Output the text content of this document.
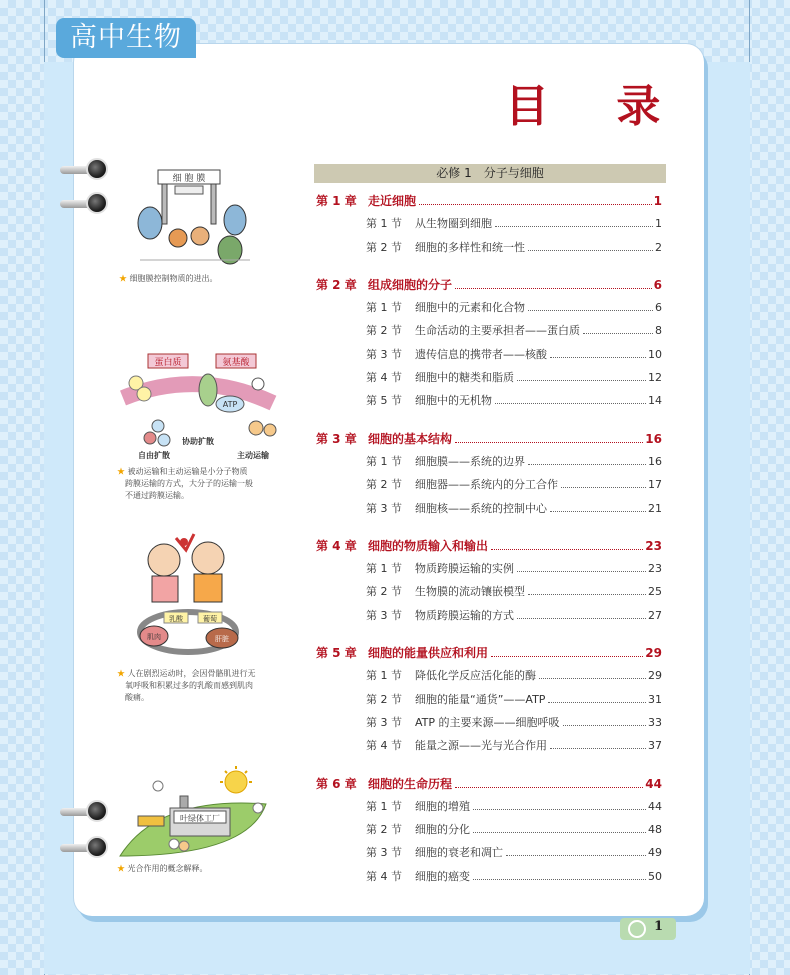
高中生物
目 录
必修 1　分子与细胞
第 1 章 走近细胞	1
第 1 节	从生物圈到细胞	1
第 2 节	细胞的多样性和统一性	2
第 2 章 组成细胞的分子	6
第 1 节	细胞中的元素和化合物	6
第 2 节	生命活动的主要承担者——蛋白质	8
第 3 节	遗传信息的携带者——核酸	10
第 4 节	细胞中的糖类和脂质	12
第 5 节	细胞中的无机物	14
第 3 章 细胞的基本结构	16
第 1 节	细胞膜——系统的边界	16
第 2 节	细胞器——系统内的分工合作	17
第 3 节	细胞核——系统的控制中心	21
第 4 章 细胞的物质输入和输出	23
第 1 节	物质跨膜运输的实例	23
第 2 节	生物膜的流动镶嵌模型	25
第 3 节	物质跨膜运输的方式	27
第 5 章 细胞的能量供应和利用	29
第 1 节	降低化学反应活化能的酶	29
第 2 节	细胞的能量“通货”——ATP	31
第 3 节	ATP 的主要来源——细胞呼吸	33
第 4 节	能量之源——光与光合作用	37
第 6 章 细胞的生命历程	44
第 1 节	细胞的增殖	44
第 2 节	细胞的分化	48
第 3 节	细胞的衰老和凋亡	49
第 4 节	细胞的癌变	50
细 胞 膜
★ 细胞膜控制物质的进出。
蛋白质	氨基酸
ATP
自由扩散
协助扩散
主动运输
★ 被动运输和主动运输是小分子物质
跨膜运输的方式，大分子的运输一般
不通过跨膜运输。
乳酸	葡萄
肌肉	肝脏
★ 人在剧烈运动时，会因骨骼肌进行无
氧呼吸和积累过多的乳酸而感到肌肉
酸痛。
叶绿体工厂
★ 光合作用的概念解释。
1
